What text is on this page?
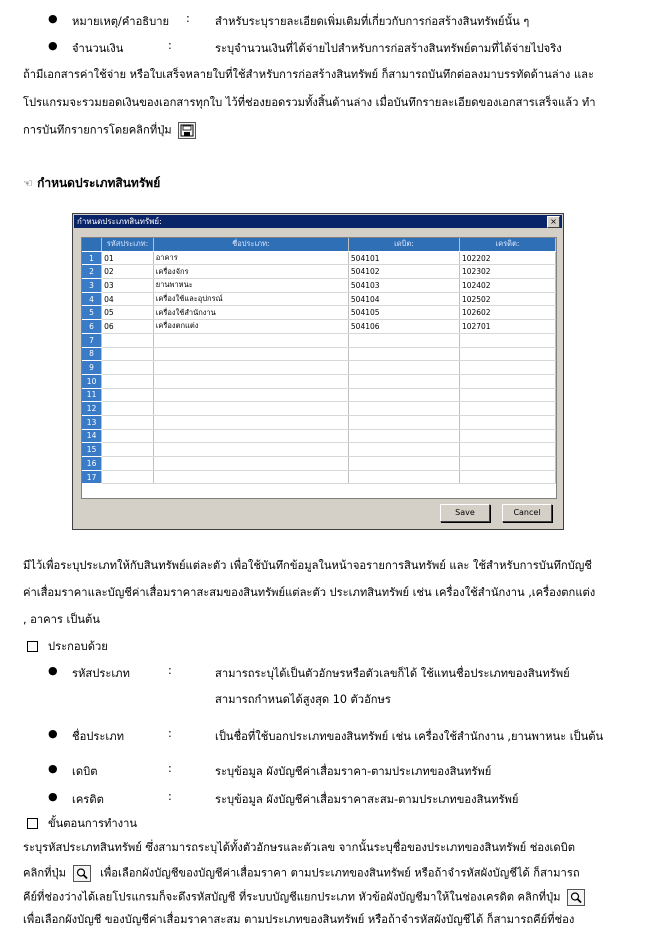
● หมายเหตุ/คำอธิบาย : สำหรับระบุรายละเอียดเพิ่มเติมที่เกี่ยวกับการก่อสร้างสินทรัพย์นั้น ๆ
● จำนวนเงิน	:	ระบุจำนวนเงินที่ได้จ่ายไปสำหรับการก่อสร้างสินทรัพย์ตามที่ได้จ่ายไปจริง
ถ้ามีเอกสารค่าใช้จ่าย หรือใบเสร็จหลายใบที่ใช้สำหรับการก่อสร้างสินทรัพย์ ก็สามารถบันทึกต่อลงมาบรรทัดด้านล่าง และ
โปรแกรมจะรวมยอดเงินของเอกสารทุกใบ ไว้ที่ช่องยอดรวมทั้งสิ้นด้านล่าง เมื่อบันทึกรายละเอียดของเอกสารเสร็จแล้ว ทำ
การบันทึกรายการโดยคลิกที่ปุ่ม
☜ กำหนดประเภทสินทรัพย์
กำหนดประเภทสินทรัพย์:	×
	รหัสประเภท:	ชื่อประเภท:	เดบิต:	เครดิต:
1	01	อาคาร	504101	102202
2	02	เครื่องจักร	504102	102302
3	03	ยานพาหนะ	504103	102402
4	04	เครื่องใช้และอุปกรณ์	504104	102502
5	05	เครื่องใช้สำนักงาน	504105	102602
6	06	เครื่องตกแต่ง	504106	102701
7				
8				
9				
10				
11				
12				
13				
14				
15				
16				
17				
Save	Cancel
มีไว้เพื่อระบุประเภทให้กับสินทรัพย์แต่ละตัว เพื่อใช้บันทึกข้อมูลในหน้าจอรายการสินทรัพย์ และ ใช้สำหรับการบันทึกบัญชี
ค่าเสื่อมราคาและบัญชีค่าเสื่อมราคาสะสมของสินทรัพย์แต่ละตัว ประเภทสินทรัพย์ เช่น เครื่องใช้สำนักงาน ,เครื่องตกแต่ง
, อาคาร เป็นต้น
ประกอบด้วย
● รหัสประเภท	:	สามารถระบุได้เป็นตัวอักษรหรือตัวเลขก็ได้ ใช้แทนชื่อประเภทของสินทรัพย์
สามารถกำหนดได้สูงสุด 10 ตัวอักษร
● ชื่อประเภท	:	เป็นชื่อที่ใช้บอกประเภทของสินทรัพย์ เช่น เครื่องใช้สำนักงาน ,ยานพาหนะ เป็นต้น
● เดบิต	:	ระบุข้อมูล ผังบัญชีค่าเสื่อมราคา-ตามประเภทของสินทรัพย์
● เครดิต	:	ระบุข้อมูล ผังบัญชีค่าเสื่อมราคาสะสม-ตามประเภทของสินทรัพย์
ขั้นตอนการทำงาน
ระบุรหัสประเภทสินทรัพย์ ซึ่งสามารถระบุได้ทั้งตัวอักษรและตัวเลข จากนั้นระบุชื่อของประเภทของสินทรัพย์ ช่องเดบิต
คลิกที่ปุ่ม	เพื่อเลือกผังบัญชีของบัญชีค่าเสื่อมราคา ตามประเภทของสินทรัพย์ หรือถ้าจำรหัสผังบัญชีได้ ก็สามารถ
คีย์ที่ช่องว่างได้เลยโปรแกรมก็จะดึงรหัสบัญชี ที่ระบบบัญชีแยกประเภท หัวข้อผังบัญชีมาให้ในช่องเครดิต คลิกที่ปุ่ม
เพื่อเลือกผังบัญชี ของบัญชีค่าเสื่อมราคาสะสม ตามประเภทของสินทรัพย์ หรือถ้าจำรหัสผังบัญชีได้ ก็สามารถคีย์ที่ช่อง
